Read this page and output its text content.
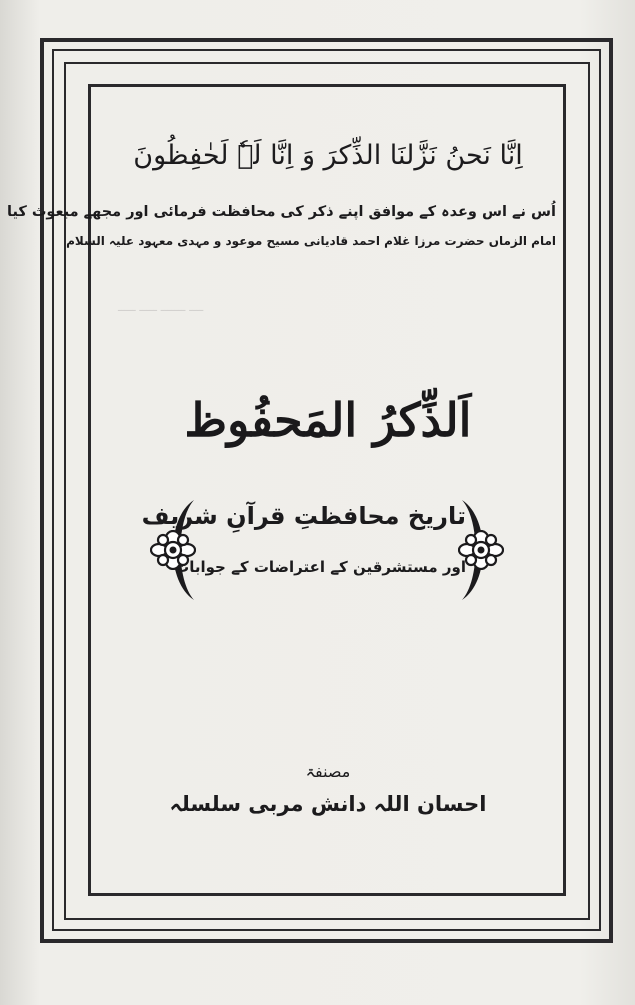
ـــــ ـــــ ـــــــ ــــ
اِنَّا نَحنُ نَزَّلنَا الذِّکرَ وَ اِنَّا لَہٗ لَحٰفِظُونَ
اُس نے اس وعدہ کے موافق اپنے ذکر کی محافظت فرمائی اور مجھے مبعوث کیا
امام الزماں حضرت مرزا غلام احمد قادیانی مسیح موعود و مہدی معہود علیہ السلام
اَلذِّکرُ المَحفُوظ
تاریخ محافظتِ قرآنِ شریف
اور مستشرقین کے اعتراضات کے جوابات
مصنفۃ
احسان اللہ دانش مربی سلسلہ
